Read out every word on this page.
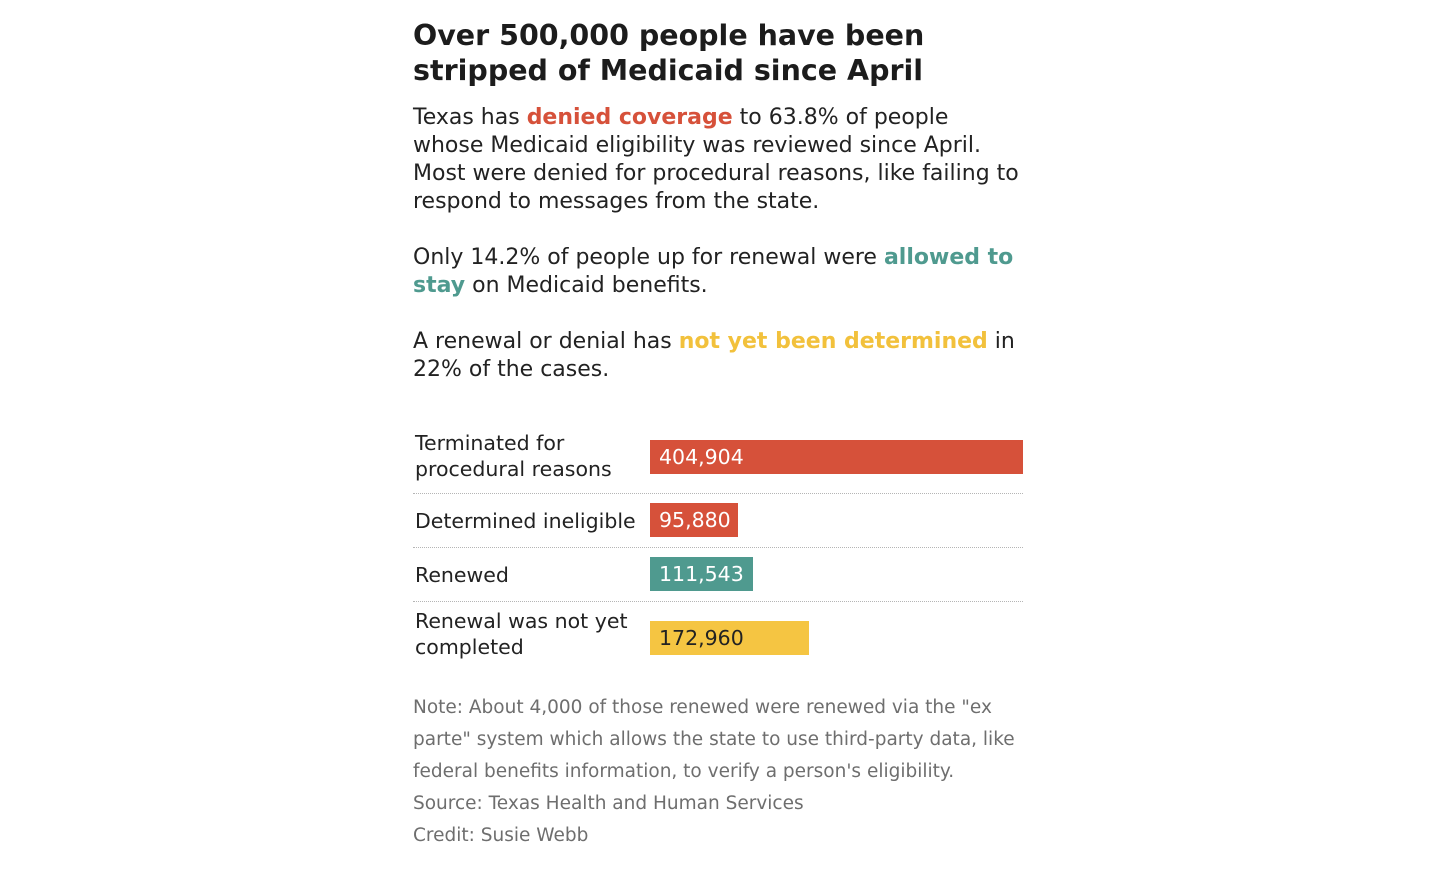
Over 500,000 people have been stripped of Medicaid since April

Texas has denied coverage to 63.8% of people whose Medicaid eligibility was reviewed since April. Most were denied for procedural reasons, like failing to respond to messages from the state.

Only 14.2% of people up for renewal were allowed to stay on Medicaid benefits.

A renewal or denial has not yet been determined in 22% of the cases.

Terminated for procedural reasons	404,904
Determined ineligible	95,880
Renewed	111,543
Renewal was not yet completed	172,960
Note: About 4,000 of those renewed were renewed via the "ex parte" system which allows the state to use third-party data, like federal benefits information, to verify a person's eligibility.
Source: Texas Health and Human Services
Credit: Susie Webb
